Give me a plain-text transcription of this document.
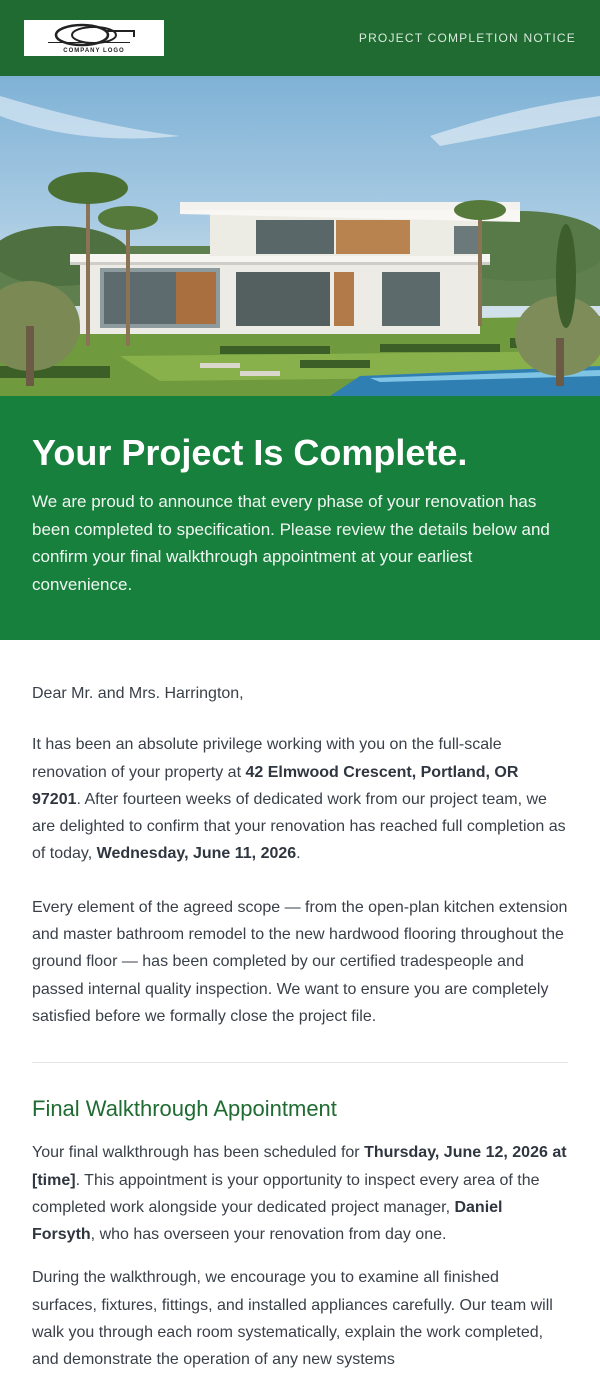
COMPANY LOGO
PROJECT COMPLETION NOTICE
Your Project Is Complete.

We are proud to announce that every phase of your renovation has been completed to specification. Please review the details below and confirm your final walkthrough appointment at your earliest convenience.

Dear Mr. and Mrs. Harrington,

It has been an absolute privilege working with you on the full-scale renovation of your property at 42 Elmwood Crescent, Portland, OR 97201. After fourteen weeks of dedicated work from our project team, we are delighted to confirm that your renovation has reached full completion as of today, Wednesday, June 11, 2026.

Every element of the agreed scope — from the open-plan kitchen extension and master bathroom remodel to the new hardwood flooring throughout the ground floor — has been completed by our certified tradespeople and passed internal quality inspection. We want to ensure you are completely satisfied before we formally close the project file.

Final Walkthrough Appointment

Your final walkthrough has been scheduled for Thursday, June 12, 2026 at [time]. This appointment is your opportunity to inspect every area of the completed work alongside your dedicated project manager, Daniel Forsyth, who has overseen your renovation from day one.

During the walkthrough, we encourage you to examine all finished surfaces, fixtures, fittings, and installed appliances carefully. Our team will walk you through each room systematically, explain the work completed, and demonstrate the operation of any new systems
